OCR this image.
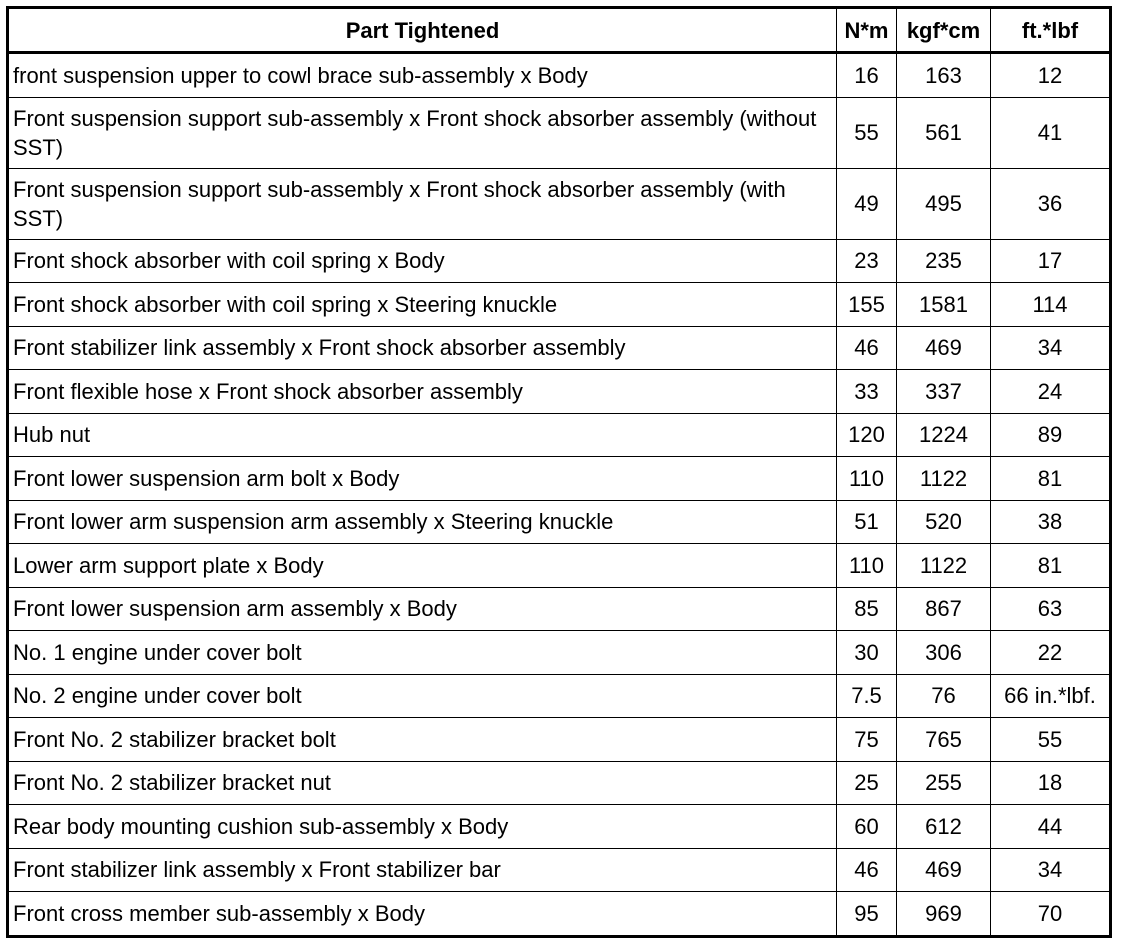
Part Tightened	N*m	kgf*cm	ft.*lbf
front suspension upper to cowl brace sub-assembly x Body	16	163	12
Front suspension support sub-assembly x Front shock absorber assembly (without SST)	55	561	41
Front suspension support sub-assembly x Front shock absorber assembly (with SST)	49	495	36
Front shock absorber with coil spring x Body	23	235	17
Front shock absorber with coil spring x Steering knuckle	155	1581	114
Front stabilizer link assembly x Front shock absorber assembly	46	469	34
Front flexible hose x Front shock absorber assembly	33	337	24
Hub nut	120	1224	89
Front lower suspension arm bolt x Body	110	1122	81
Front lower arm suspension arm assembly x Steering knuckle	51	520	38
Lower arm support plate x Body	110	1122	81
Front lower suspension arm assembly x Body	85	867	63
No. 1 engine under cover bolt	30	306	22
No. 2 engine under cover bolt	7.5	76	66 in.*lbf.
Front No. 2 stabilizer bracket bolt	75	765	55
Front No. 2 stabilizer bracket nut	25	255	18
Rear body mounting cushion sub-assembly x Body	60	612	44
Front stabilizer link assembly x Front stabilizer bar	46	469	34
Front cross member sub-assembly x Body	95	969	70
